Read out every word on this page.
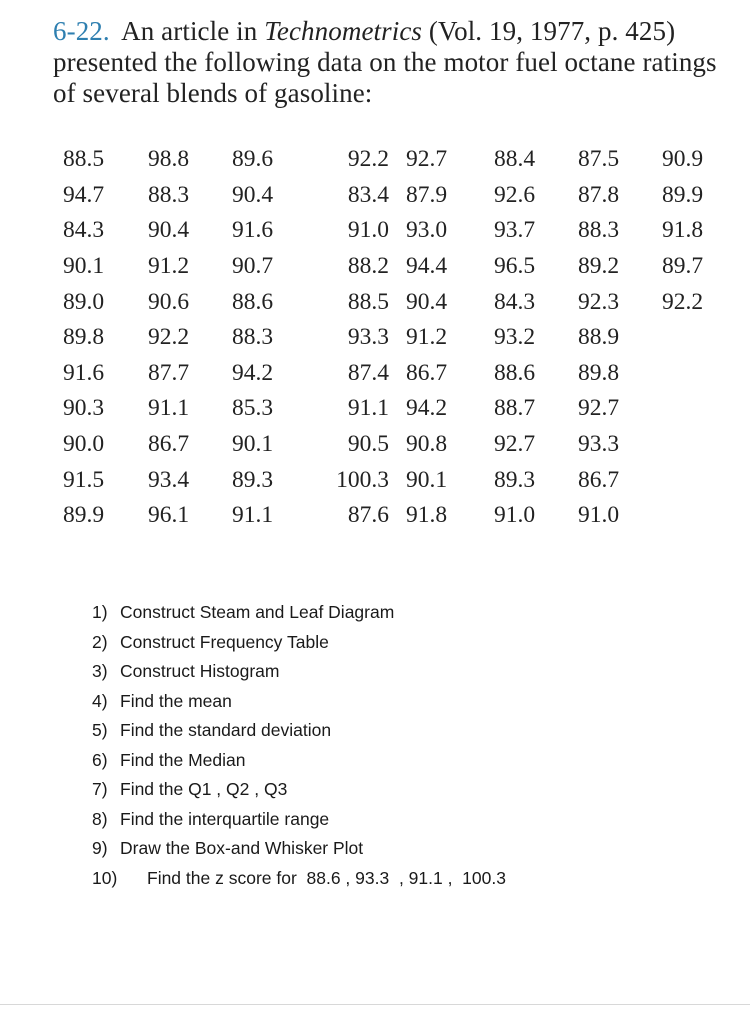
6-22. An article in Technometrics (Vol. 19, 1977, p. 425) presented the following data on the motor fuel octane ratings of several blends of gasoline:
88.5	98.8	89.6	92.2	92.7	88.4	87.5	90.9
94.7	88.3	90.4	83.4	87.9	92.6	87.8	89.9
84.3	90.4	91.6	91.0	93.0	93.7	88.3	91.8
90.1	91.2	90.7	88.2	94.4	96.5	89.2	89.7
89.0	90.6	88.6	88.5	90.4	84.3	92.3	92.2
89.8	92.2	88.3	93.3	91.2	93.2	88.9	
91.6	87.7	94.2	87.4	86.7	88.6	89.8	
90.3	91.1	85.3	91.1	94.2	88.7	92.7	
90.0	86.7	90.1	90.5	90.8	92.7	93.3	
91.5	93.4	89.3	100.3	90.1	89.3	86.7	
89.9	96.1	91.1	87.6	91.8	91.0	91.0	
1) Construct Steam and Leaf Diagram
2) Construct Frequency Table
3) Construct Histogram
4) Find the mean
5) Find the standard deviation
6) Find the Median
7) Find the Q1 , Q2 , Q3
8) Find the interquartile range
9) Draw the Box-and Whisker Plot
10) Find the z score for  88.6 , 93.3  , 91.1 ,  100.3
